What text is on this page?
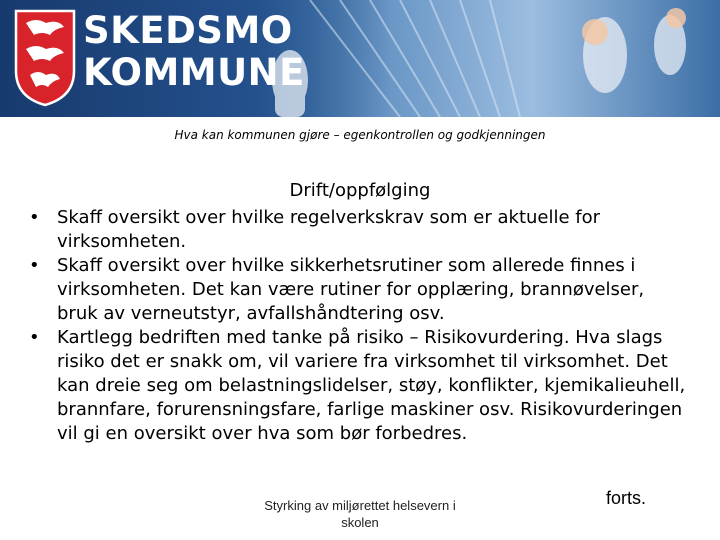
SKEDSMO
KOMMUNE
Hva kan kommunen gjøre – egenkontrollen og godkjenningen
Drift/oppfølging
• Skaff oversikt over hvilke regelverkskrav som er aktuelle for virksomheten.
• Skaff oversikt over hvilke sikkerhetsrutiner som allerede finnes i virksomheten. Det kan være rutiner for opplæring, brannøvelser, bruk av verneutstyr, avfallshåndtering osv.
• Kartlegg bedriften med tanke på risiko – Risikovurdering. Hva slags risiko det er snakk om, vil variere fra virksomhet til virksomhet. Det kan dreie seg om belastningslidelser, støy, konflikter, kjemikalieuhell, brannfare, forurensningsfare, farlige maskiner osv. Risikovurderingen vil gi en oversikt over hva som bør forbedres.
Styrking av miljørettet helsevern i
skolen
forts.
